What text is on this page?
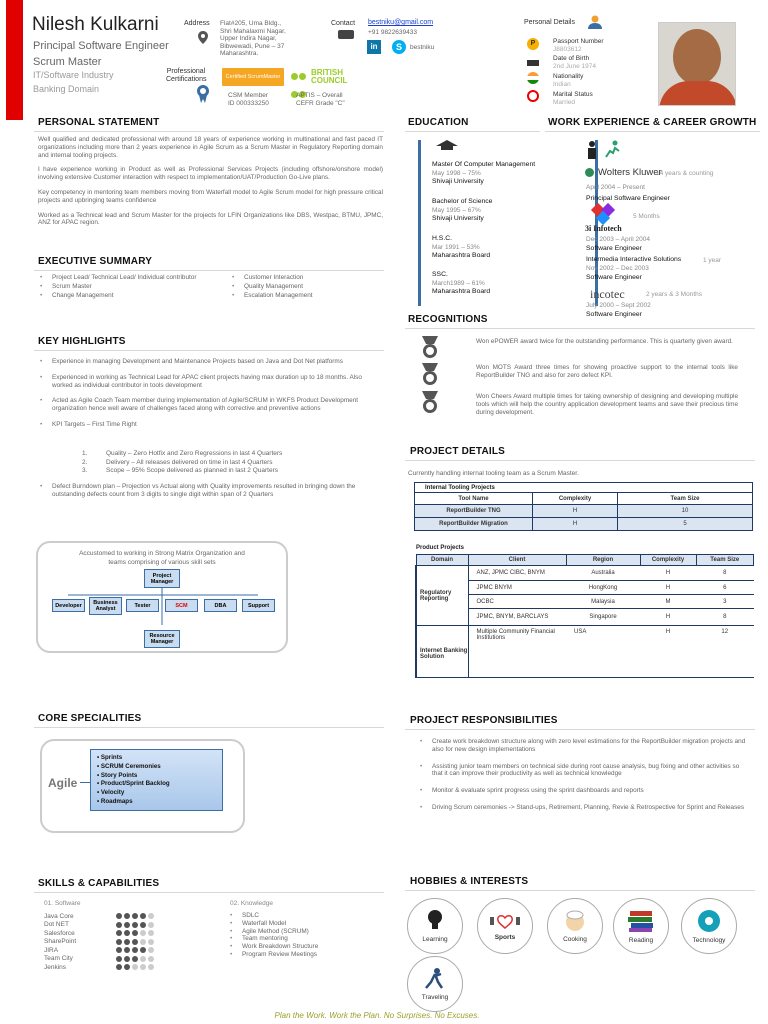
Nilesh Kulkarni
Principal Software Engineer
Scrum Master
IT/Software Industry
Banking Domain
Address Flat#205, Uma Bldg.,
Shri Mahalaxmi Nagar,
Upper Indira Nagar,
Bibwewadi, Pune – 37
Maharashtra.
Contact bestniku@gmail.com
+91 9822639433
in	S	bestniku
Professional Certifications	Certified ScrumMaster
CSM Member
ID 000333250

BRITISH COUNCIL
APTIS – Overall
CEFR Grade "C"
Personal Details
P	Passport Number
J8803612
Date of Birth
2nd June 1974
Nationality
Indian
Marital Status
Married
PERSONAL STATEMENT

Well qualified and dedicated professional with around 18 years of experience working in multinational and fast paced IT organizations including more than 2 years experience in Agile Scrum as a Scrum Master in Regulatory Reporting domain and internal tooling projects.

I have experience working in Product as well as Professional Services Projects (including offshore/onshore model) involving extensive Customer interaction with respect to implementation/UAT/Production Go-Live plans.

Key competency in mentoring team members moving from Waterfall model to Agile Scrum model for high pressure critical projects and upbringing teams confidence

Worked as a Technical lead and Scrum Master for the projects for LFIN Organizations like DBS, Westpac, BTMU, JPMC, ANZ for APAC region.

EXECUTIVE SUMMARY
• Project Lead/ Technical Lead/ Individual contributor
• Scrum Master
• Change Management
• Customer Interaction
• Quality Management
• Escalation Management
KEY HIGHLIGHTS
• Experience in managing Development and Maintenance Projects based on Java and Dot Net platforms
• Experienced in working as Technical Lead for APAC client projects having max duration up to 18 months. Also worked as individual contributor in tools development
• Acted as Agile Coach Team member during implementation of Agile/SCRUM in WKFS Product Development organization hence well aware of challenges faced along with corrective and preventive actions
• KPI Targets – First Time Right
1.	Quality – Zero Hotfix and Zero Regressions in last 4 Quarters
2.	Delivery – All releases delivered on time in last 4 Quarters
3.	Scope – 95% Scope delivered as planned in last 2 Quarters
• Defect Burndown plan – Projection vs Actual along with Quality improvements resulted in bringing down the outstanding defects count from 3 digits to single digit within span of 2 Quarters
Accustomed to working in Strong Matrix Organization and
teams comprising of various skill sets
Project Manager
Developer	Business Analyst
Tester	SCM	DBA	Support
Resource Manager
EDUCATION
Master Of Computer Management
May 1998 – 75%
Shivaji University
Bachelor of Science
May 1995 – 67%
Shivaji University
H.S.C.
Mar 1991 – 53%
Maharashtra Board
SSC.
March1989 – 61%
Maharashtra Board
WORK EXPERIENCE & CAREER GROWTH
Wolters Kluwer
14 years & counting
April 2004 – Present
Principal Software Engineer
3i Infotech
5 Months
Dec 2003 – April 2004
Software Engineer
Intermedia Interactive Solutions
Nov 2002 – Dec 2003
Software Engineer
1 year
incotec	2 years & 3 Months
July 2000 – Sept 2002
Software Engineer
RECOGNITIONS
Won ePOWER award twice for the outstanding performance. This is quarterly given award.
Won MOTS Award three times for showing proactive support to the internal tools like ReportBuilder TNG and also for zero defect KPI.
Won Cheers Award multiple times for taking ownership of designing and developing multiple tools which will help the country application development teams and save their precious time during development.
PROJECT DETAILS
Currently handling internal tooling team as a Scrum Master.
Internal Tooling Projects		
Tool Name	Complexity	Team Size
ReportBuilder TNG	H	10
ReportBuilder Migration	H	5
Product Projects
Domain	Client	Region	Complexity	Team Size
Regulatory Reporting	ANZ, JPMC CIBC, BNYM	Australia	H	8
	JPMC BNYM	HongKong	H	6
	OCBC	Malaysia	M	3
	JPMC, BNYM, BARCLAYS	Singapore	H	8
Internet Banking Solution	Multiple Community Financial Institutions	USA	H	12
CORE SPECIALITIES
Agile
• Sprints
• SCRUM Ceremonies
• Story Points
• Product/Sprint Backlog
• Velocity
• Roadmaps
PROJECT RESPONSIBILITIES
• Create work breakdown structure along with zero level estimations for the ReportBuilder migration projects and also for new design implementations
• Assisting junior team members on technical side during root cause analysis, bug fixing and other activities so that it can improve their productivity as well as technical knowledge
• Monitor & evaluate sprint progress using the sprint dashboards and reports
• Driving Scrum ceremonies -> Stand-ups, Retirement, Planning, Revie & Retrospective for Sprint and Releases
SKILLS & CAPABILITIES
01. Software
Java Core
Dot NET
Salesforce
SharePoint
JIRA
Team City
Jenkins
02. Knowledge
• SDLC
• Waterfall Model
• Agile Method (SCRUM)
• Team mentoring
• Work Breakdown Structure
• Program Review Meetings
HOBBIES & INTERESTS
Learning	Sports	Cooking	Reading	Technology
Traveling
Plan the Work. Work the Plan. No Surprises. No Excuses.
